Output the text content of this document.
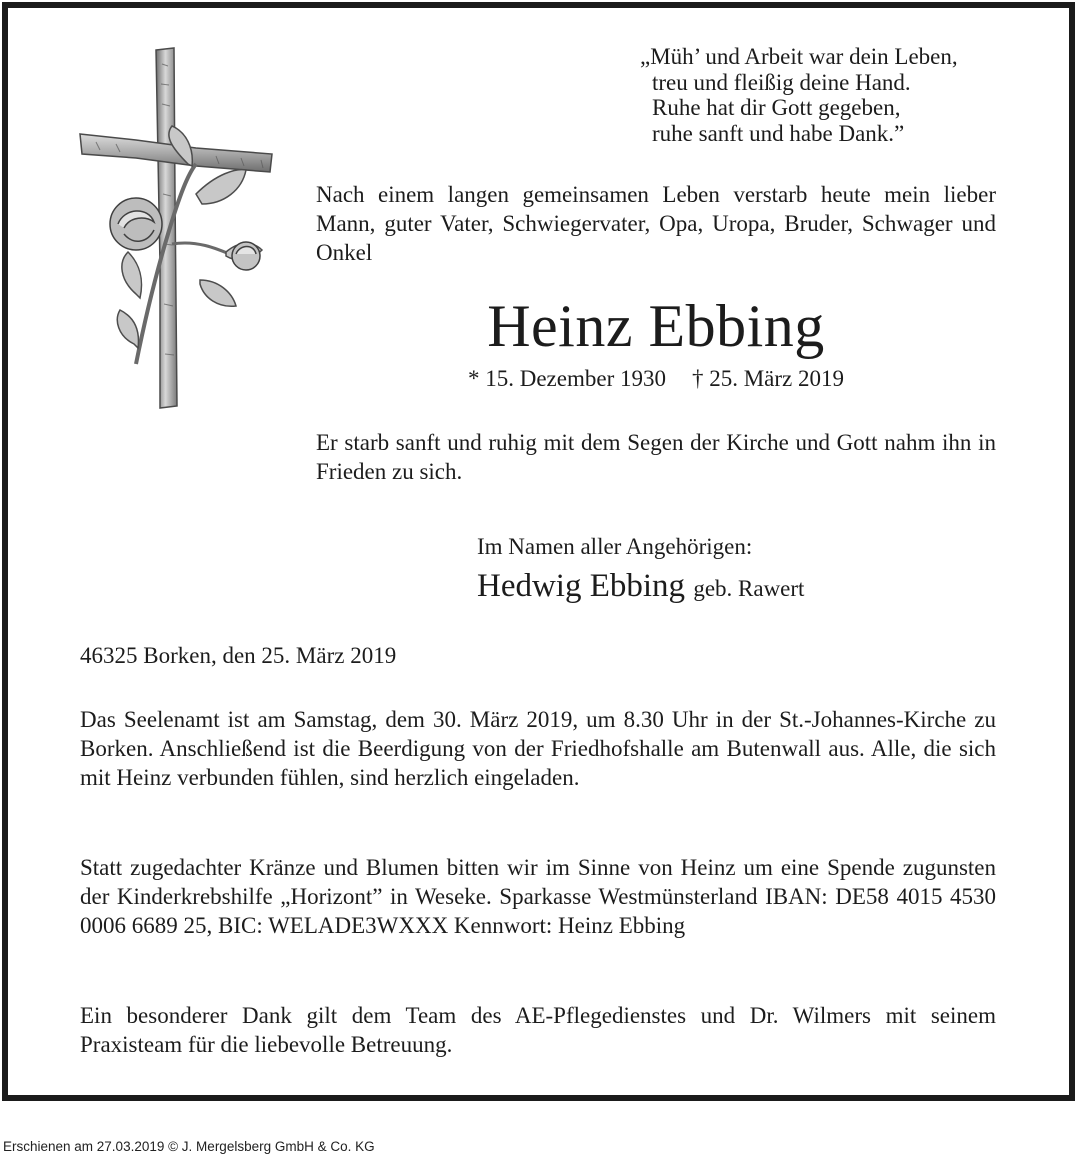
„Müh’ und Arbeit war dein Leben,
treu und fleißig deine Hand.
Ruhe hat dir Gott gegeben,
ruhe sanft und habe Dank.”
Nach einem langen gemeinsamen Leben verstarb heute mein lieber Mann, guter Vater, Schwiegervater, Opa, Uropa, Bruder, Schwager und Onkel
Heinz Ebbing
* 15. Dezember 1930 † 25. März 2019
Er starb sanft und ruhig mit dem Segen der Kirche und Gott nahm ihn in Frieden zu sich.
Im Namen aller Angehörigen:
Hedwig Ebbing geb. Rawert
46325 Borken, den 25. März 2019
Das Seelenamt ist am Samstag, dem 30. März 2019, um 8.30 Uhr in der St.-Johannes-Kirche zu Borken. Anschließend ist die Beerdigung von der Friedhofshalle am Butenwall aus. Alle, die sich mit Heinz verbunden fühlen, sind herzlich eingeladen.
Statt zugedachter Kränze und Blumen bitten wir im Sinne von Heinz um eine Spende zugunsten der Kinderkrebshilfe „Horizont” in Weseke. Sparkasse Westmünsterland IBAN: DE58 4015 4530 0006 6689 25, BIC: WELADE3WXXX Kennwort: Heinz Ebbing
Ein besonderer Dank gilt dem Team des AE-Pflegedienstes und Dr. Wilmers mit seinem Praxisteam für die liebevolle Betreuung.
Erschienen am 27.03.2019 © J. Mergelsberg GmbH & Co. KG
